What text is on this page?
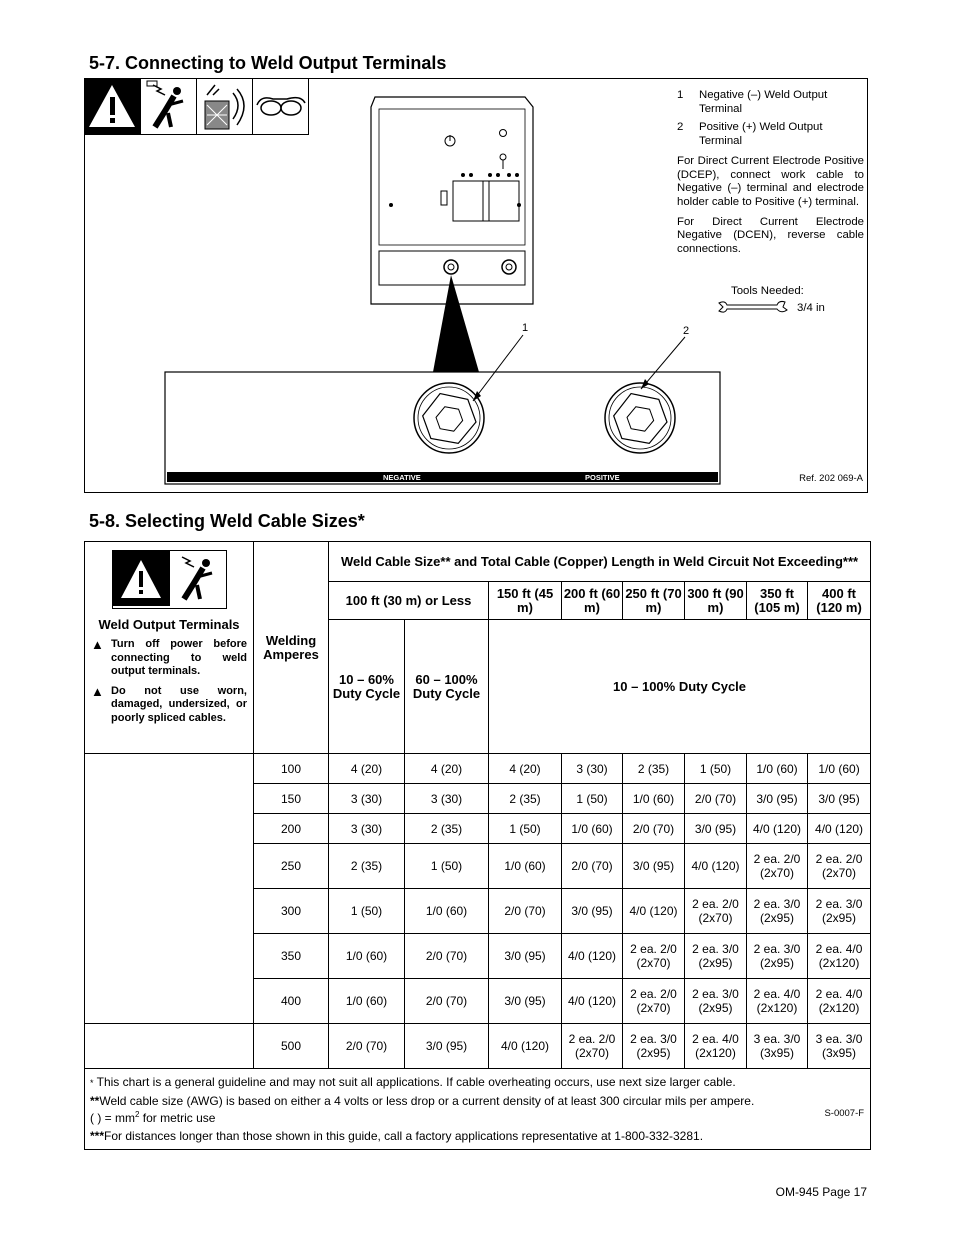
5-7. Connecting to Weld Output Terminals
NEGATIVE	POSITIVE
1	2
1	Negative (–) Weld Output Terminal
2	Positive (+) Weld Output Terminal

For Direct Current Electrode Positive (DCEP), connect work cable to Negative (–) terminal and electrode holder cable to Positive (+) terminal.

For Direct Current Electrode Negative (DCEN), reverse cable connections.

Tools Needed:
3/4 in
Ref. 202 069-A
5-8. Selecting Weld Cable Sizes*
Weld Output Terminals
▲ Turn off power before connecting to weld output terminals.
▲ Do not use worn, damaged, undersized, or poorly spliced cables.	Welding Amperes	Weld Cable Size** and Total Cable (Copper) Length in Weld Circuit Not Exceeding***							
		100 ft (30 m) or Less		150 ft (45 m)	200 ft (60 m)	250 ft (70 m)	300 ft (90 m)	350 ft (105 m)	400 ft (120 m)
		10 – 60% Duty Cycle	60 – 100% Duty Cycle	10 – 100% Duty Cycle					
	100	4 (20)	4 (20)	4 (20)	3 (30)	2 (35)	1 (50)	1/0 (60)	1/0 (60)
	150	3 (30)	3 (30)	2 (35)	1 (50)	1/0 (60)	2/0 (70)	3/0 (95)	3/0 (95)
	200	3 (30)	2 (35)	1 (50)	1/0 (60)	2/0 (70)	3/0 (95)	4/0 (120)	4/0 (120)
	250	2 (35)	1 (50)	1/0 (60)	2/0 (70)	3/0 (95)	4/0 (120)	2 ea. 2/0 (2x70)	2 ea. 2/0 (2x70)
	300	1 (50)	1/0 (60)	2/0 (70)	3/0 (95)	4/0 (120)	2 ea. 2/0 (2x70)	2 ea. 3/0 (2x95)	2 ea. 3/0 (2x95)
	350	1/0 (60)	2/0 (70)	3/0 (95)	4/0 (120)	2 ea. 2/0 (2x70)	2 ea. 3/0 (2x95)	2 ea. 3/0 (2x95)	2 ea. 4/0 (2x120)
	400	1/0 (60)	2/0 (70)	3/0 (95)	4/0 (120)	2 ea. 2/0 (2x70)	2 ea. 3/0 (2x95)	2 ea. 4/0 (2x120)	2 ea. 4/0 (2x120)
	500	2/0 (70)	3/0 (95)	4/0 (120)	2 ea. 2/0 (2x70)	2 ea. 3/0 (2x95)	2 ea. 4/0 (2x120)	3 ea. 3/0 (3x95)	3 ea. 3/0 (3x95)

* This chart is a general guideline and may not suit all applications. If cable overheating occurs, use next size larger cable.

**Weld cable size (AWG) is based on either a 4 volts or less drop or a current density of at least 300 circular mils per ampere.
( ) = $mm^2$ for metric use

***For distances longer than those shown in this guide, call a factory applications representative at 1-800-332-3281.

S-0007-F									
OM-945 Page 17
